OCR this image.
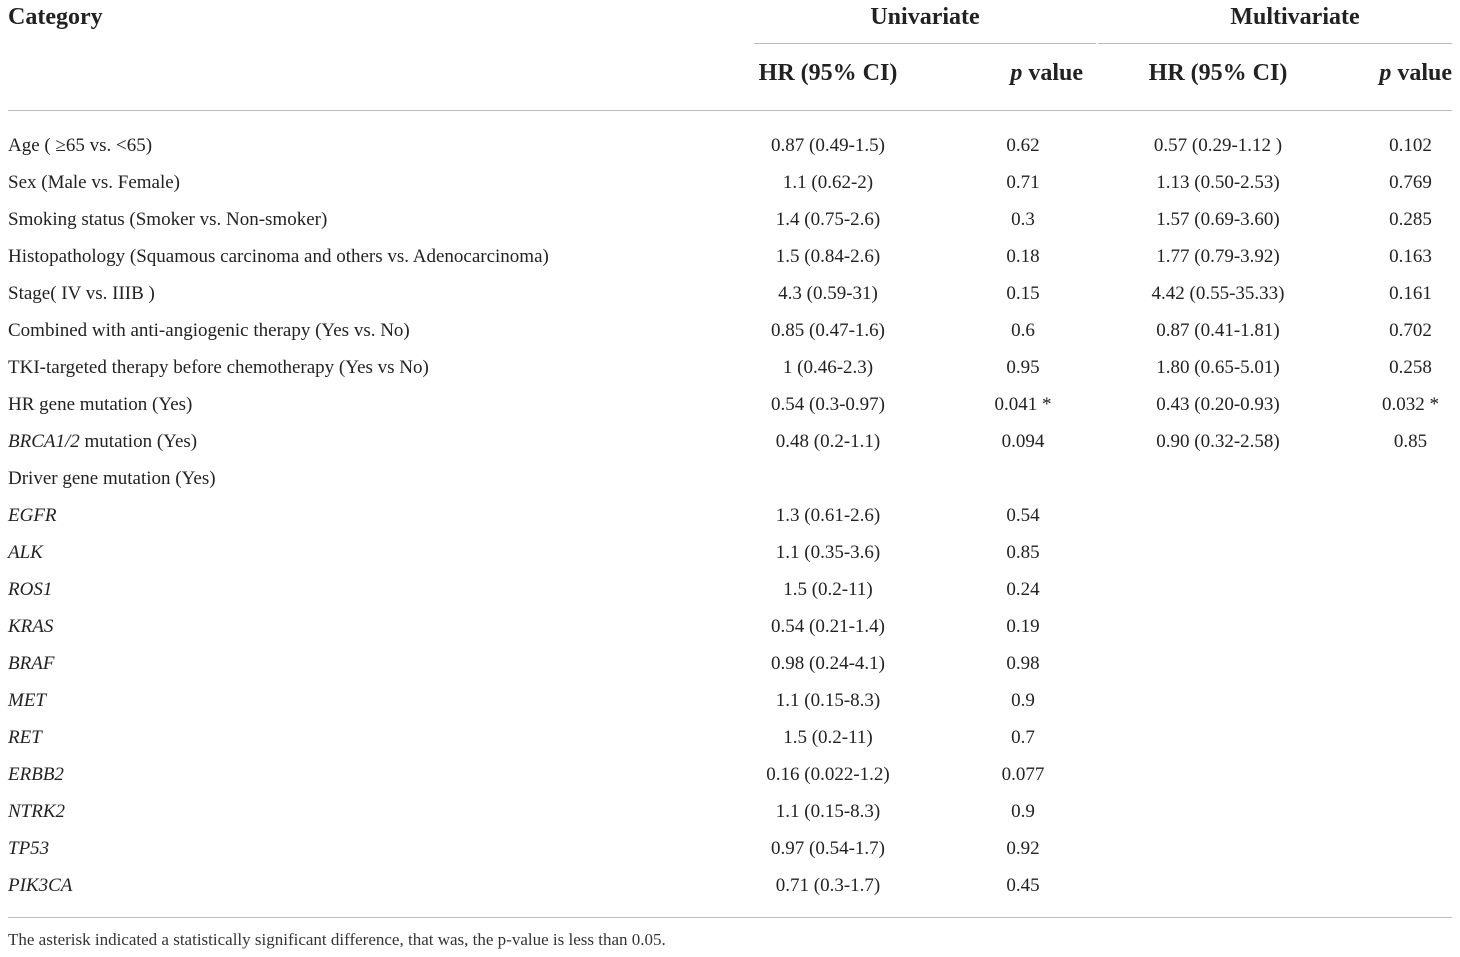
Category	Univariate	Multivariate
HR (95% CI)	p value	HR (95% CI)	p value
Age ( ≥65 vs. <65)	0.87 (0.49-1.5)	0.62	0.57 (0.29-1.12 )	0.102
Sex (Male vs. Female)	1.1 (0.62-2)	0.71	1.13 (0.50-2.53)	0.769
Smoking status (Smoker vs. Non-smoker)	1.4 (0.75-2.6)	0.3	1.57 (0.69-3.60)	0.285
Histopathology (Squamous carcinoma and others vs. Adenocarcinoma)	1.5 (0.84-2.6)	0.18	1.77 (0.79-3.92)	0.163
Stage( IV vs. IIIB )	4.3 (0.59-31)	0.15	4.42 (0.55-35.33)	0.161
Combined with anti-angiogenic therapy (Yes vs. No)	0.85 (0.47-1.6)	0.6	0.87 (0.41-1.81)	0.702
TKI-targeted therapy before chemotherapy (Yes vs No)	1 (0.46-2.3)	0.95	1.80 (0.65-5.01)	0.258
HR gene mutation (Yes)	0.54 (0.3-0.97)	0.041 *	0.43 (0.20-0.93)	0.032 *
BRCA1/2 mutation (Yes)	0.48 (0.2-1.1)	0.094	0.90 (0.32-2.58)	0.85
Driver gene mutation (Yes)
EGFR	1.3 (0.61-2.6)	0.54
ALK	1.1 (0.35-3.6)	0.85
ROS1	1.5 (0.2-11)	0.24
KRAS	0.54 (0.21-1.4)	0.19
BRAF	0.98 (0.24-4.1)	0.98
MET	1.1 (0.15-8.3)	0.9
RET	1.5 (0.2-11)	0.7
ERBB2	0.16 (0.022-1.2)	0.077
NTRK2	1.1 (0.15-8.3)	0.9
TP53	0.97 (0.54-1.7)	0.92
PIK3CA	0.71 (0.3-1.7)	0.45
The asterisk indicated a statistically significant difference, that was, the p-value is less than 0.05.
